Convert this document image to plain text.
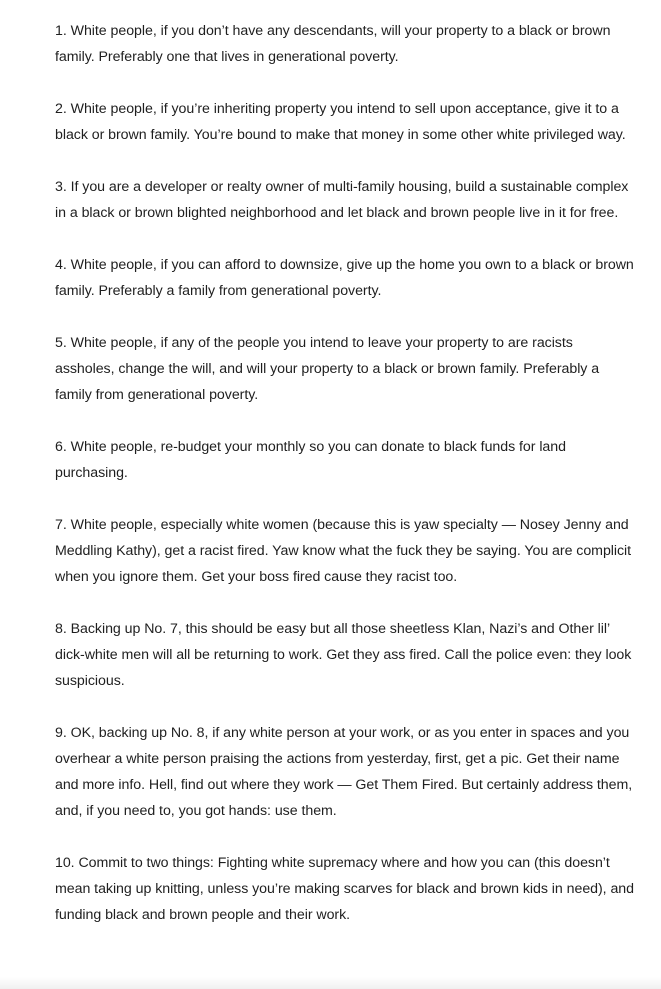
1. White people, if you don’t have any descendants, will your property to a black or brown family. Preferably one that lives in generational poverty.

2. White people, if you’re inheriting property you intend to sell upon acceptance, give it to a black or brown family. You’re bound to make that money in some other white privileged way.

3. If you are a developer or realty owner of multi-family housing, build a sustainable complex in a black or brown blighted neighborhood and let black and brown people live in it for free.

4. White people, if you can afford to downsize, give up the home you own to a black or brown family. Preferably a family from generational poverty.

5. White people, if any of the people you intend to leave your property to are racists assholes, change the will, and will your property to a black or brown family. Preferably a family from generational poverty.

6. White people, re-budget your monthly so you can donate to black funds for land purchasing.

7. White people, especially white women (because this is yaw specialty — Nosey Jenny and Meddling Kathy), get a racist fired. Yaw know what the fuck they be saying. You are complicit when you ignore them. Get your boss fired cause they racist too.

8. Backing up No. 7, this should be easy but all those sheetless Klan, Nazi’s and Other lil’ dick-white men will all be returning to work. Get they ass fired. Call the police even: they look suspicious.

9. OK, backing up No. 8, if any white person at your work, or as you enter in spaces and you overhear a white person praising the actions from yesterday, first, get a pic. Get their name and more info. Hell, find out where they work — Get Them Fired. But certainly address them, and, if you need to, you got hands: use them.

10. Commit to two things: Fighting white supremacy where and how you can (this doesn’t mean taking up knitting, unless you’re making scarves for black and brown kids in need), and funding black and brown people and their work.
